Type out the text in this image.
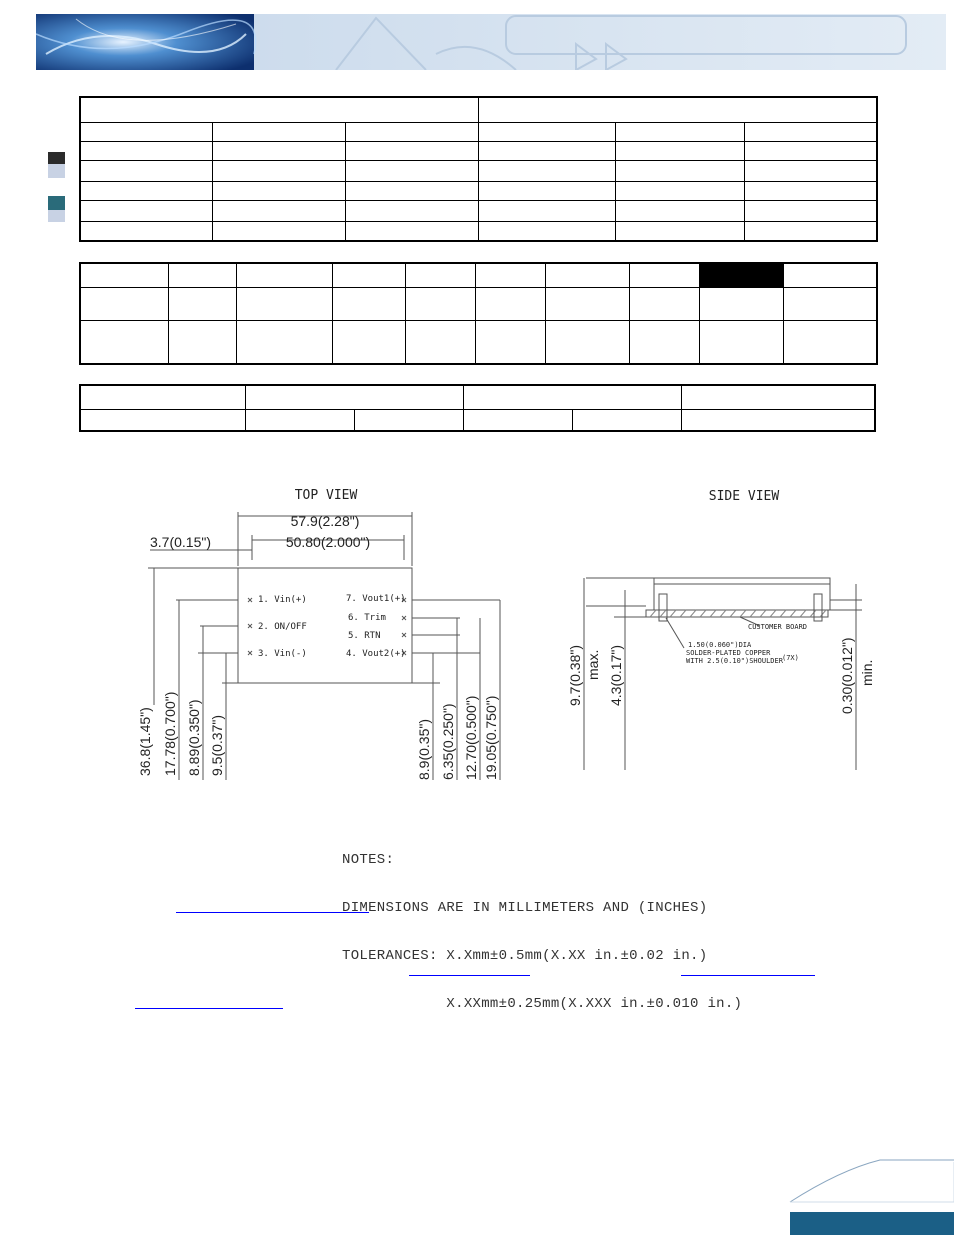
TOP VIEW	SIDE VIEW
57.9(2.28")
50.80(2.000")
3.7(0.15")
36.8(1.45") 17.78(0.700") 8.89(0.350") 9.5(0.37")	8.9(0.35") 6.35(0.250") 12.70(0.500") 19.05(0.750")
1. Vin(+)
2. ON/OFF
3. Vin(-)
7. Vout1(+)
6. Trim
5. RTN
4. Vout2(+)	9.7(0.38") max. 4.3(0.17")	0.30(0.012") min.
CUSTOMER BOARD
1.50(0.060")DIA
SOLDER-PLATED COPPER
WITH 2.5(0.10")SHOULDER (7X)

NOTES:

DIMENSIONS ARE IN MILLIMETERS AND (INCHES)

TOLERANCES: X.Xmm±0.5mm(X.XX in.±0.02 in.)

X.XXmm±0.25mm(X.XXX in.±0.010 in.)
